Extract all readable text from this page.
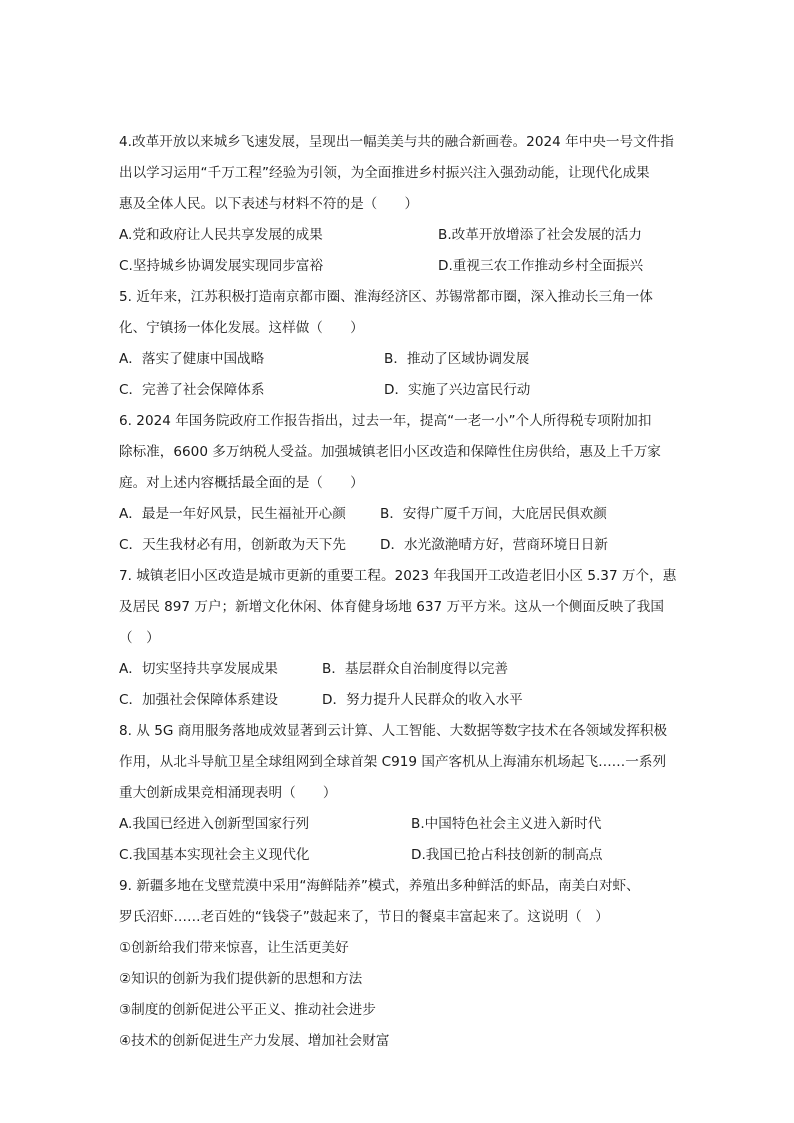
4.改革开放以来城乡飞速发展，呈现出一幅美美与共的融合新画卷。2024 年中央一号文件指
出以学习运用“千万工程”经验为引领，为全面推进乡村振兴注入强劲动能，让现代化成果
惠及全体人民。以下表述与材料不符的是（　　）
A.党和政府让人民共享发展的成果	B.改革开放增添了社会发展的活力
C.坚持城乡协调发展实现同步富裕	D.重视三农工作推动乡村全面振兴
5. 近年来，江苏积极打造南京都市圈、淮海经济区、苏锡常都市圈，深入推动长三角一体
化、宁镇扬一体化发展。这样做（　　）
A．落实了健康中国战略	B．推动了区域协调发展
C．完善了社会保障体系	D．实施了兴边富民行动
6. 2024 年国务院政府工作报告指出，过去一年，提高“一老一小”个人所得税专项附加扣
除标准，6600 多万纳税人受益。加强城镇老旧小区改造和保障性住房供给，惠及上千万家
庭。对上述内容概括最全面的是（　　）
A．最是一年好风景，民生福祉开心颜	B．安得广厦千万间，大庇居民俱欢颜
C．天生我材必有用，创新敢为天下先	D．水光潋滟晴方好，营商环境日日新
7. 城镇老旧小区改造是城市更新的重要工程。2023 年我国开工改造老旧小区 5.37 万个，惠
及居民 897 万户；新增文化休闲、体育健身场地 637 万平方米。这从一个侧面反映了我国
（　）
A．切实坚持共享发展成果	B．基层群众自治制度得以完善
C．加强社会保障体系建设	D．努力提升人民群众的收入水平
8. 从 5G 商用服务落地成效显著到云计算、人工智能、大数据等数字技术在各领域发挥积极
作用，从北斗导航卫星全球组网到全球首架 C919 国产客机从上海浦东机场起飞……一系列
重大创新成果竞相涌现表明（　　）
A.我国已经进入创新型国家行列	B.中国特色社会主义进入新时代
C.我国基本实现社会主义现代化	D.我国已抢占科技创新的制高点
9. 新疆多地在戈壁荒漠中采用“海鲜陆养”模式，养殖出多种鲜活的虾品，南美白对虾、
罗氏沼虾……老百姓的“钱袋子”鼓起来了，节日的餐桌丰富起来了。这说明（　）
①创新给我们带来惊喜，让生活更美好
②知识的创新为我们提供新的思想和方法
③制度的创新促进公平正义、推动社会进步
④技术的创新促进生产力发展、增加社会财富
